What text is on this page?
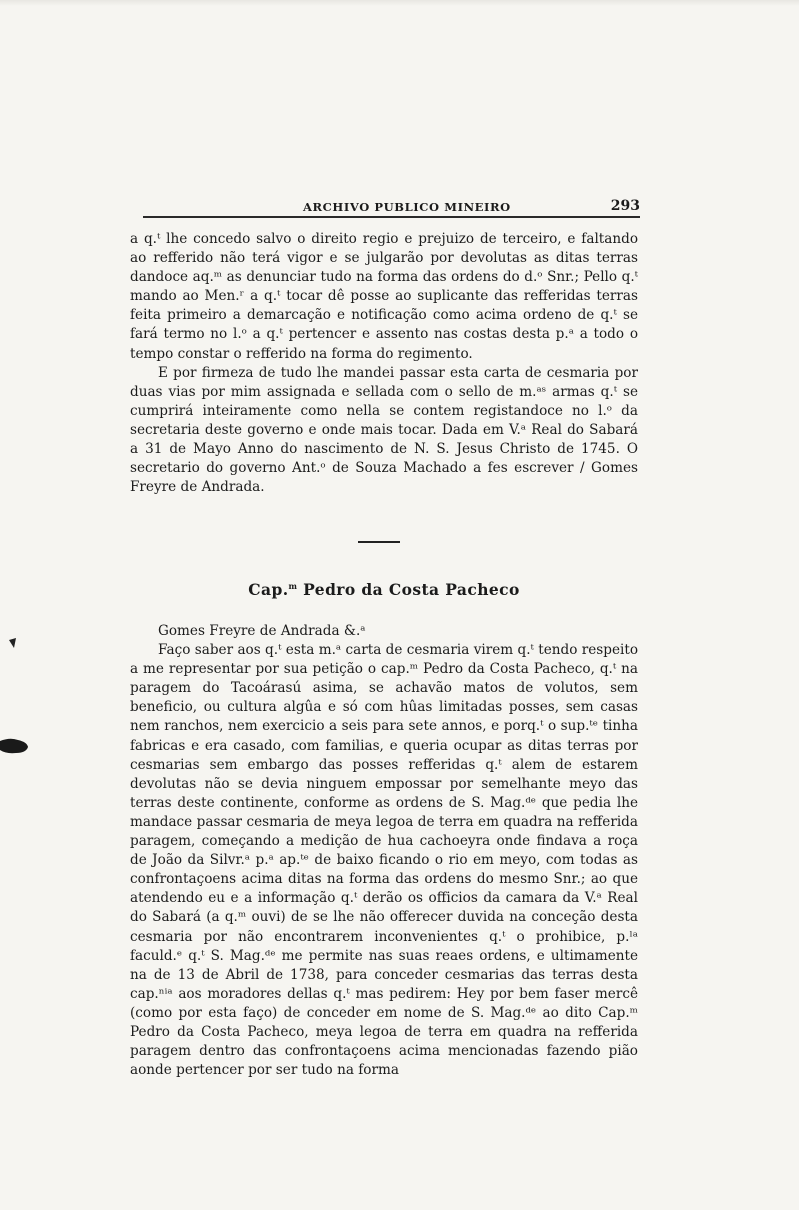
ARCHIVO PUBLICO MINEIRO	293

a q.ᵗ lhe concedo salvo o direito regio e prejuizo de terceiro, e faltando ao refferido não terá vigor e se julgarão por devolutas as ditas terras dandoce aq.ᵐ as denunciar tudo na forma das ordens do d.ᵒ Snr.; Pello q.ᵗ mando ao Men.ʳ a q.ᵗ tocar dê posse ao suplicante das refferidas terras feita primeiro a demarcação e notificação como acima ordeno de q.ᵗ se fará termo no l.ᵒ a q.ᵗ pertencer e assento nas costas desta p.ᵃ a todo o tempo constar o refferido na forma do regimento.

E por firmeza de tudo lhe mandei passar esta carta de cesmaria por duas vias por mim assignada e sellada com o sello de m.ᵃˢ armas q.ᵗ se cumprirá inteiramente como nella se contem registandoce no l.ᵒ da secretaria deste governo e onde mais tocar. Dada em V.ᵃ Real do Sabará a 31 de Mayo Anno do nascimento de N. S. Jesus Christo de 1745. O secretario do governo Ant.ᵒ de Souza Machado a fes escrever / Gomes Freyre de Andrada.

Cap.$^m$ Pedro da Costa Pacheco
Gomes Freyre de Andrada &.ᵃ

Faço saber aos q.ᵗ esta m.ᵃ carta de cesmaria virem q.ᵗ tendo respeito a me representar por sua petição o cap.ᵐ Pedro da Costa Pacheco, q.ᵗ na paragem do Tacoárasú asima, se achavão matos de volutos, sem beneficio, ou cultura algûa e só com hûas limitadas posses, sem casas nem ranchos, nem exercicio a seis para sete annos, e porq.ᵗ o sup.ᵗᵉ tinha fabricas e era casado, com familias, e queria ocupar as ditas terras por cesmarias sem embargo das posses refferidas q.ᵗ alem de estarem devolutas não se devia ninguem empossar por semelhante meyo das terras deste continente, conforme as ordens de S. Mag.ᵈᵉ que pedia lhe mandace passar cesmaria de meya legoa de terra em quadra na refferida paragem, começando a medição de hua cachoeyra onde findava a roça de João da Silvr.ᵃ p.ᵃ ap.ᵗᵉ de baixo ficando o rio em meyo, com todas as confrontaçoens acima ditas na forma das ordens do mesmo Snr.; ao que atendendo eu e a informação q.ᵗ derão os officios da camara da V.ᵃ Real do Sabará (a q.ᵐ ouvi) de se lhe não offerecer duvida na conceção desta cesmaria por não encontrarem inconvenientes q.ᵗ o prohibice, p.ˡᵃ faculd.ᵉ q.ᵗ S. Mag.ᵈᵉ me permite nas suas reaes ordens, e ultimamente na de 13 de Abril de 1738, para conceder cesmarias das terras desta cap.ⁿⁱᵃ aos moradores dellas q.ᵗ mas pedirem: Hey por bem faser mercê (como por esta faço) de conceder em nome de S. Mag.ᵈᵉ ao dito Cap.ᵐ Pedro da Costa Pacheco, meya legoa de terra em quadra na refferida paragem dentro das confrontaçoens acima mencionadas fazendo pião aonde pertencer por ser tudo na forma
